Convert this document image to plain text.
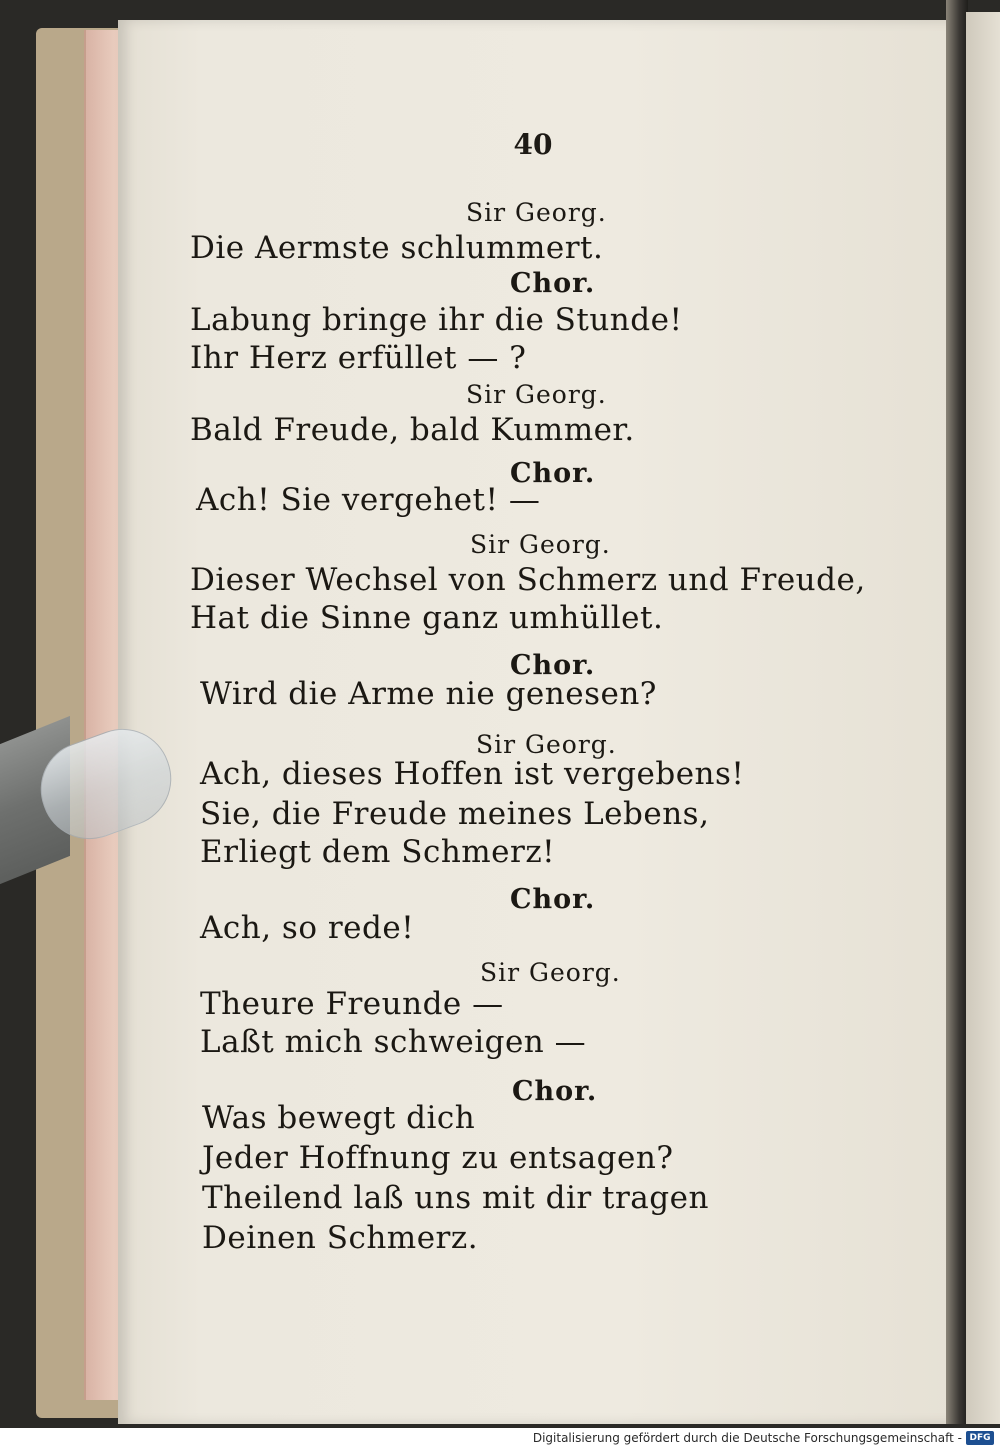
40
Sir Georg.
Die Aermste schlummert.
Chor.
Labung bringe ihr die Stunde!
Ihr Herz erfüllet — ?
Sir Georg.
Bald Freude, bald Kummer.
Chor.
Ach! Sie vergehet! —
Sir Georg.
Dieser Wechsel von Schmerz und Freude,
Hat die Sinne ganz umhüllet.
Chor.
Wird die Arme nie genesen?
Sir Georg.
Ach, dieses Hoffen ist vergebens!
Sie, die Freude meines Lebens,
Erliegt dem Schmerz!
Chor.
Ach, so rede!
Sir Georg.
Theure Freunde —
Laßt mich schweigen —
Chor.
Was bewegt dich
Jeder Hoffnung zu entsagen?
Theilend laß uns mit dir tragen
Deinen Schmerz.
Digitalisierung gefördert durch die Deutsche Forschungsgemeinschaft - DFG
